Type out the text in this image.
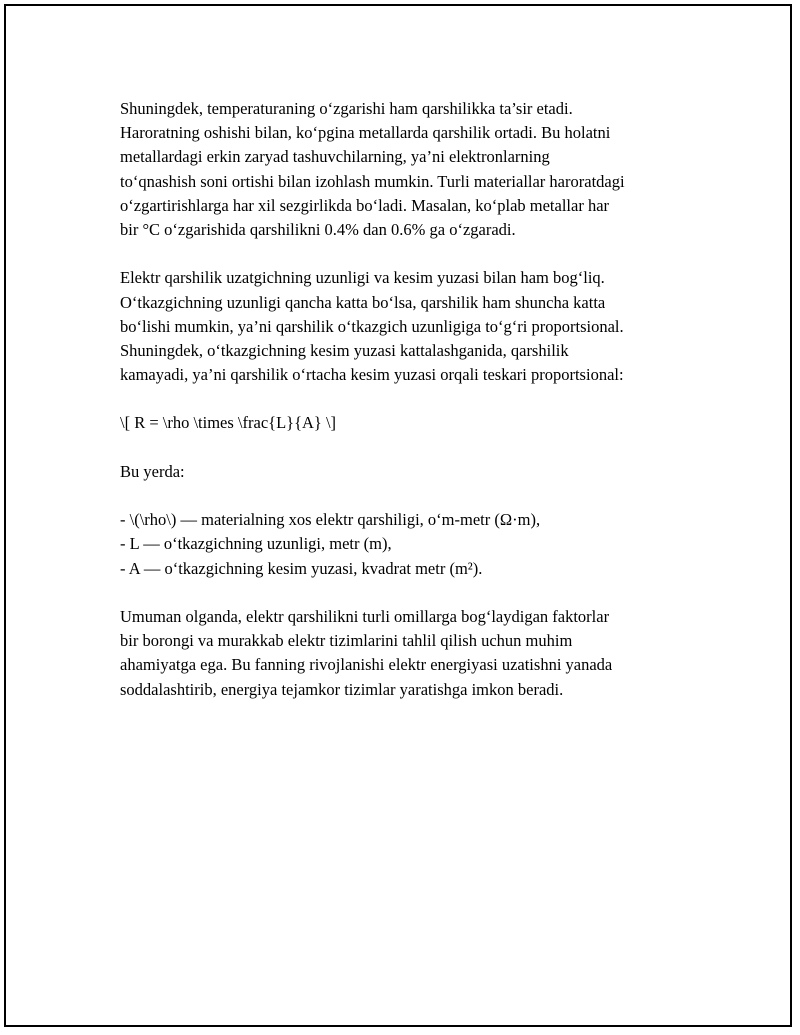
Shuningdek, temperaturaning o‘zgarishi ham qarshilikka ta’sir etadi.
Haroratning oshishi bilan, ko‘pgina metallarda qarshilik ortadi. Bu holatni
metallardagi erkin zaryad tashuvchilarning, ya’ni elektronlarning
to‘qnashish soni ortishi bilan izohlash mumkin. Turli materiallar haroratdagi
o‘zgartirishlarga har xil sezgirlikda bo‘ladi. Masalan, ko‘plab metallar har
bir °C o‘zgarishida qarshilikni 0.4% dan 0.6% ga o‘zgaradi.
Elektr qarshilik uzatgichning uzunligi va kesim yuzasi bilan ham bog‘liq.
O‘tkazgichning uzunligi qancha katta bo‘lsa, qarshilik ham shuncha katta
bo‘lishi mumkin, ya’ni qarshilik o‘tkazgich uzunligiga to‘g‘ri proportsional.
Shuningdek, o‘tkazgichning kesim yuzasi kattalashganida, qarshilik
kamayadi, ya’ni qarshilik o‘rtacha kesim yuzasi orqali teskari proportsional:
\[ R = \rho \times \frac{L}{A} \]
Bu yerda:
- \(\rho\) — materialning xos elektr qarshiligi, o‘m-metr (Ω·m),
- L — o‘tkazgichning uzunligi, metr (m),
- A — o‘tkazgichning kesim yuzasi, kvadrat metr (m²).
Umuman olganda, elektr qarshilikni turli omillarga bog‘laydigan faktorlar
bir borongi va murakkab elektr tizimlarini tahlil qilish uchun muhim
ahamiyatga ega. Bu fanning rivojlanishi elektr energiyasi uzatishni yanada
soddalashtirib, energiya tejamkor tizimlar yaratishga imkon beradi.
